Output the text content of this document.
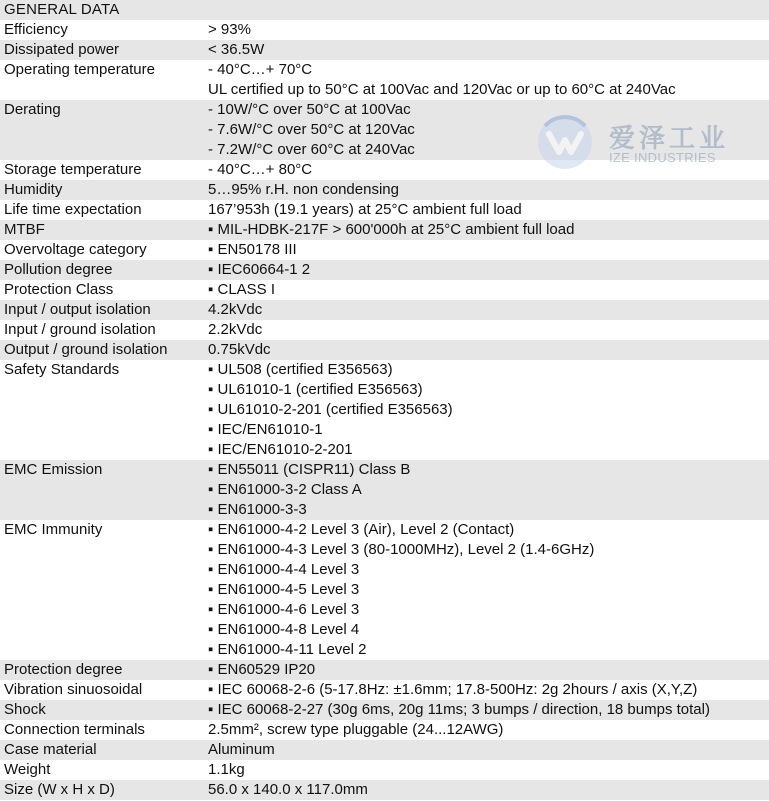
GENERAL DATA
Efficiency	> 93%
Dissipated power	< 36.5W
Operating temperature	- 40°C…+ 70°C
UL certified up to 50°C at 100Vac and 120Vac or up to 60°C at 240Vac
Derating	- 10W/°C over 50°C at 100Vac
- 7.6W/°C over 50°C at 120Vac
- 7.2W/°C over 60°C at 240Vac
Storage temperature	- 40°C…+ 80°C
Humidity	5…95% r.H. non condensing
Life time expectation	167’953h (19.1 years) at 25°C ambient full load
MTBF	▪ MIL-HDBK-217F > 600'000h at 25°C ambient full load
Overvoltage category	▪ EN50178 III
Pollution degree	▪ IEC60664-1 2
Protection Class	▪ CLASS I
Input / output isolation	4.2kVdc
Input / ground isolation	2.2kVdc
Output / ground isolation	0.75kVdc
Safety Standards	▪ UL508 (certified E356563)
▪ UL61010-1 (certified E356563)
▪ UL61010-2-201 (certified E356563)
▪ IEC/EN61010-1
▪ IEC/EN61010-2-201
EMC Emission	▪ EN55011 (CISPR11) Class B
▪ EN61000-3-2 Class A
▪ EN61000-3-3
EMC Immunity	▪ EN61000-4-2 Level 3 (Air), Level 2 (Contact)
▪ EN61000-4-3 Level 3 (80-1000MHz), Level 2 (1.4-6GHz)
▪ EN61000-4-4 Level 3
▪ EN61000-4-5 Level 3
▪ EN61000-4-6 Level 3
▪ EN61000-4-8 Level 4
▪ EN61000-4-11 Level 2
Protection degree	▪ EN60529 IP20
Vibration sinuosoidal	▪ IEC 60068-2-6 (5-17.8Hz: ±1.6mm; 17.8-500Hz: 2g 2hours / axis (X,Y,Z)
Shock	▪ IEC 60068-2-27 (30g 6ms, 20g 11ms; 3 bumps / direction, 18 bumps total)
Connection terminals	2.5mm², screw type pluggable (24...12AWG)
Case material	Aluminum
Weight	1.1kg
Size (W x H x D)	56.0 x 140.0 x 117.0mm
爱泽工业
IZE INDUSTRIES
